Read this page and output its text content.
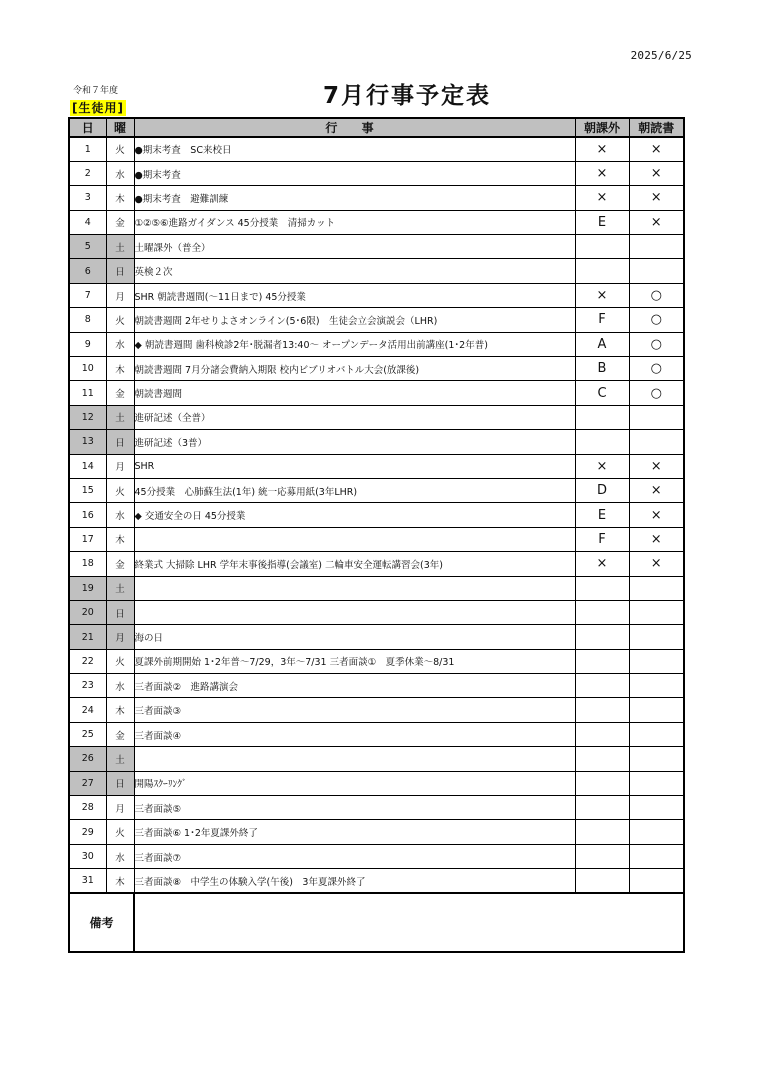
2025/6/25
令和７年度
[生徒用]	7月行事予定表
日	曜	行 事	朝課外	朝読書
1	火	●期末考査　SC来校日	×	×
2	水	●期末考査	×	×
3	木	●期末考査　避難訓練	×	×
4	金	①②⑤⑥進路ガイダンス 45分授業　清掃カット	E	×
5	土	土曜課外（普全）		
6	日	英検２次		
7	月	SHR 朝読書週間(～11日まで) 45分授業	×	○
8	火	朝読書週間 2年せりよさオンライン(5･6限)　生徒会立会演説会（LHR)	F	○
9	水	◆ 朝読書週間 歯科検診2年･脱漏者13:40～ オープンデータ活用出前講座(1･2年普)	A	○
10	木	朝読書週間 7月分諸会費納入期限 校内ビブリオバトル大会(放課後)	B	○
11	金	朝読書週間	C	○
12	土	進研記述（全普）		
13	日	進研記述（3普）		
14	月	SHR	×	×
15	火	45分授業　心肺蘇生法(1年) 統一応募用紙(3年LHR)	D	×
16	水	◆ 交通安全の日 45分授業	E	×
17	木		F	×
18	金	終業式 大掃除 LHR 学年末事後指導(会議室) 二輪車安全運転講習会(3年)	×	×
19	土			
20	日			
21	月	海の日		
22	火	夏課外前期開始 1･2年普～7/29，3年～7/31 三者面談①　夏季休業～8/31		
23	水	三者面談②　進路講演会		
24	木	三者面談③		
25	金	三者面談④		
26	土			
27	日	開陽ｽｸｰﾘﾝｸﾞ		
28	月	三者面談⑤		
29	火	三者面談⑥ 1･2年夏課外終了		
30	水	三者面談⑦		
31	木	三者面談⑧　中学生の体験入学(午後)　3年夏課外終了		
備考				
